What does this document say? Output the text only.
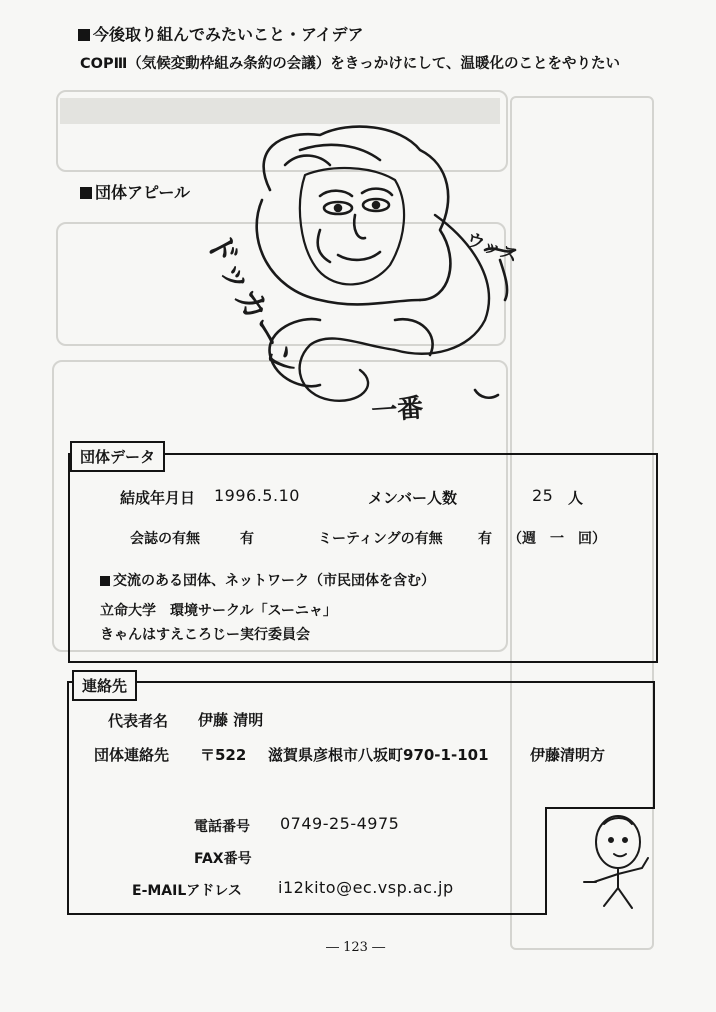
今後取り組んでみたいこと・アイデア
COPⅢ（気候変動枠組み条約の会議）をきっかけにして、温暖化のことをやりたい
団体アピール
ウッス
ドッカーン
一番
団体データ
結成年月日 1996.5.10	メンバー人数	25 人
会誌の有無	有	ミーティングの有無	有 （週　一　回）
交流のある団体、ネットワーク（市民団体を含む）
立命大学　環境サークル「スーニャ」
きゃんはすえころじー実行委員会
連絡先
代表者名 伊藤 清明
団体連絡先 〒522 滋賀県彦根市八坂町970-1-101	伊藤清明方
電話番号 0749-25-4975
FAX番号
E-MAILアドレス i12kito@ec.vsp.ac.jp
― 123 ―
